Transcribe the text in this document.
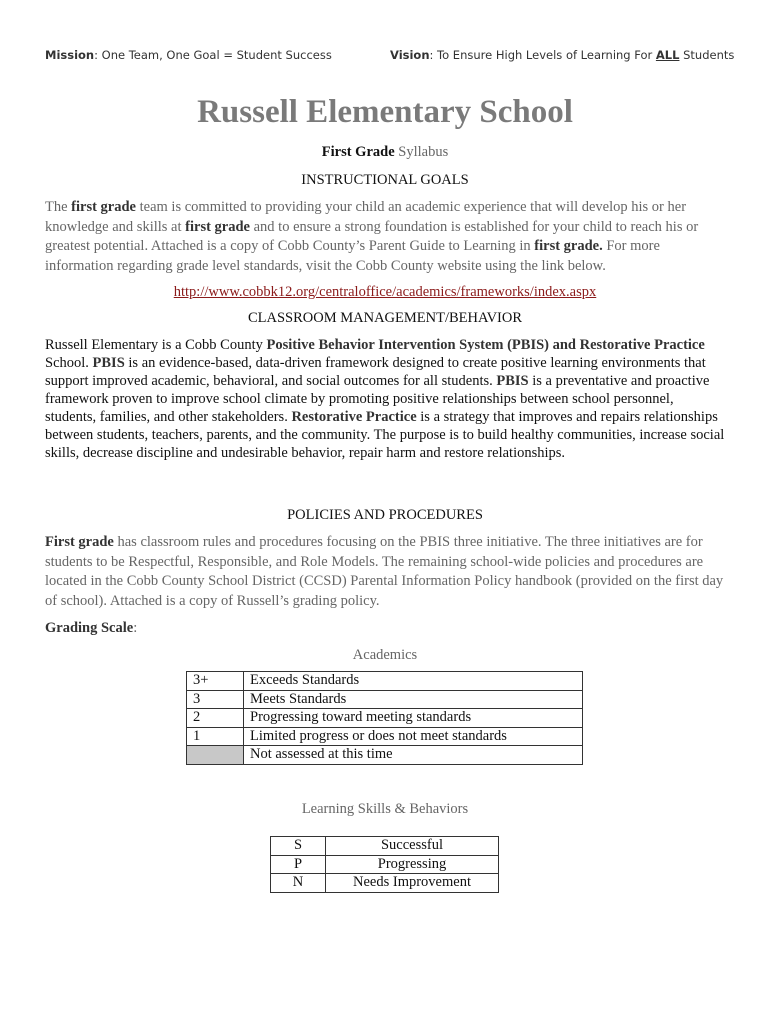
Mission: One Team, One Goal = Student Success	Vision: To Ensure High Levels of Learning For ALL Students
Russell Elementary School
First Grade Syllabus
INSTRUCTIONAL GOALS
The first grade team is committed to providing your child an academic experience that will develop his or her knowledge and skills at first grade and to ensure a strong foundation is established for your child to reach his or greatest potential. Attached is a copy of Cobb County’s Parent Guide to Learning in first grade. For more information regarding grade level standards, visit the Cobb County website using the link below.
http://www.cobbk12.org/centraloffice/academics/frameworks/index.aspx
CLASSROOM MANAGEMENT/BEHAVIOR
Russell Elementary is a Cobb County Positive Behavior Intervention System (PBIS) and Restorative Practice School. PBIS is an evidence-based, data-driven framework designed to create positive learning environments that support improved academic, behavioral, and social outcomes for all students. PBIS is a preventative and proactive framework proven to improve school climate by promoting positive relationships between school personnel, students, families, and other stakeholders. Restorative Practice is a strategy that improves and repairs relationships between students, teachers, parents, and the community. The purpose is to build healthy communities, increase social skills, decrease discipline and undesirable behavior, repair harm and restore relationships.
POLICIES AND PROCEDURES
First grade has classroom rules and procedures focusing on the PBIS three initiative. The three initiatives are for students to be Respectful, Responsible, and Role Models. The remaining school-wide policies and procedures are located in the Cobb County School District (CCSD) Parental Information Policy handbook (provided on the first day of school). Attached is a copy of Russell’s grading policy.
Grading Scale:
Academics
3+	Exceeds Standards
3	Meets Standards
2	Progressing toward meeting standards
1	Limited progress or does not meet standards
	Not assessed at this time
Learning Skills & Behaviors
S	Successful
P	Progressing
N	Needs Improvement
